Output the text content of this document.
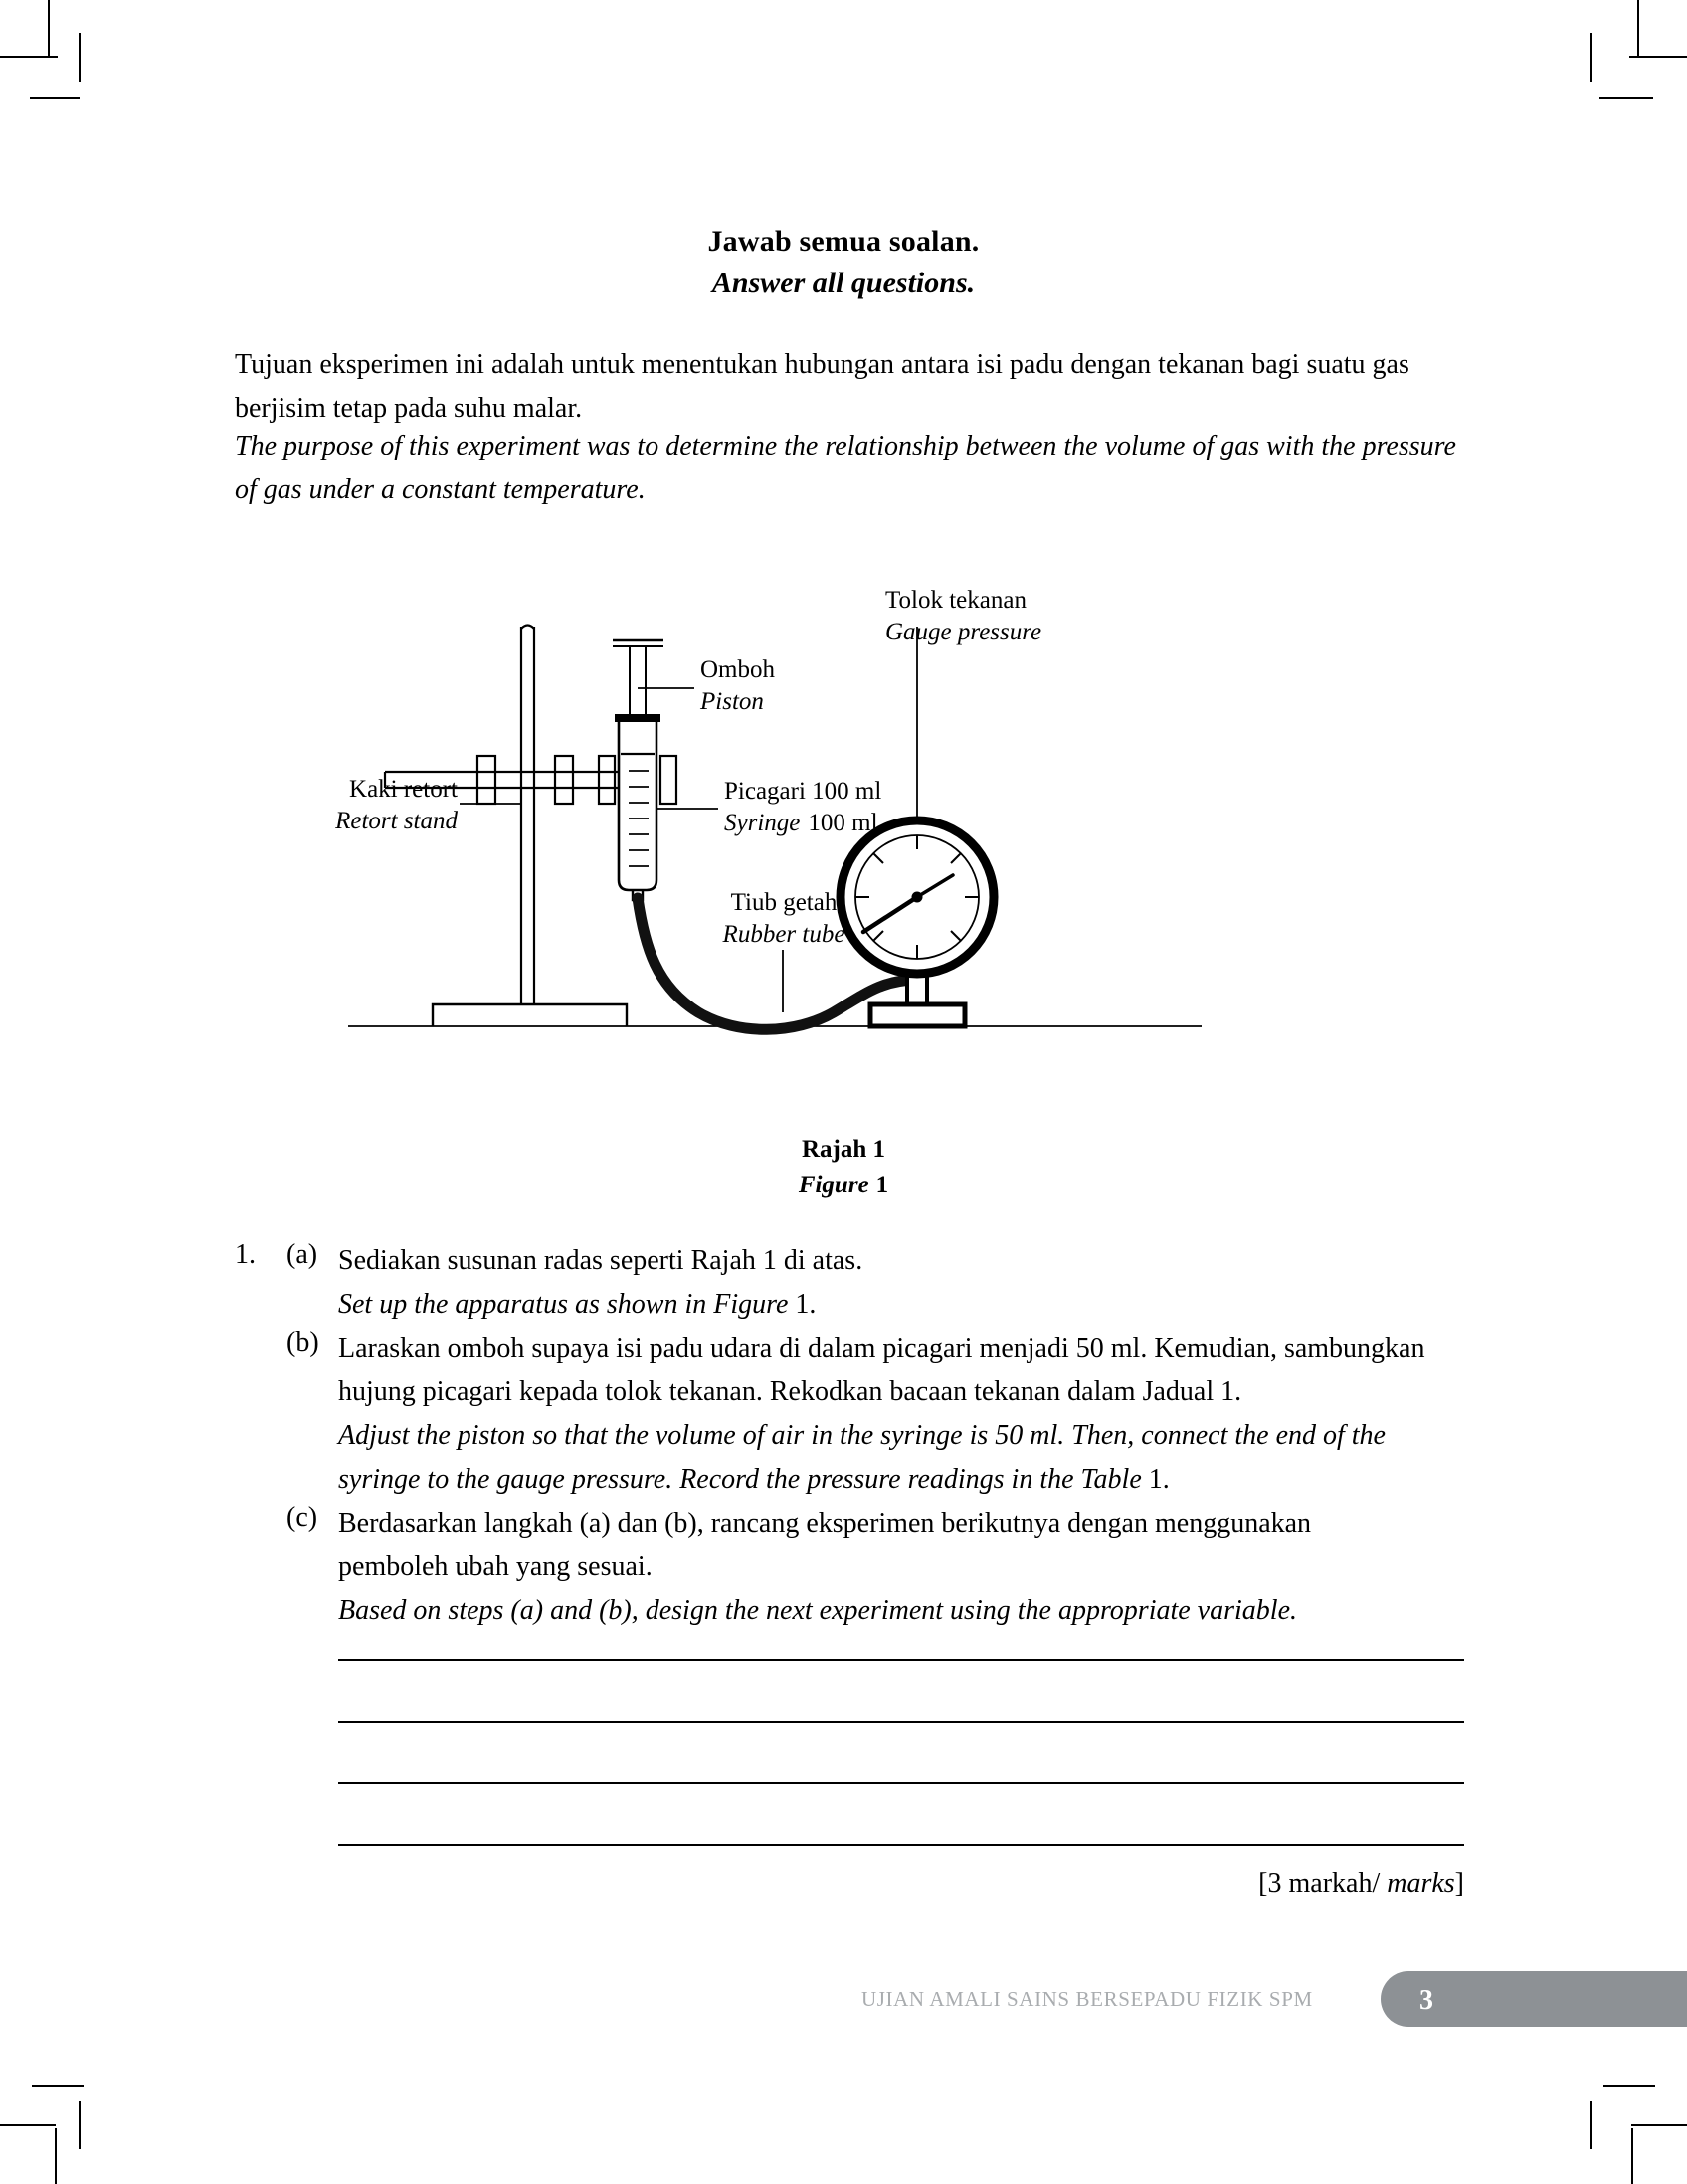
Jawab semua soalan.
Answer all questions.
Tujuan eksperimen ini adalah untuk menentukan hubungan antara isi padu dengan tekanan bagi suatu gas berjisim tetap pada suhu malar.
The purpose of this experiment was to determine the relationship between the volume of gas with the pressure of gas under a constant temperature.
Tolok tekanan
Gauge pressure
Omboh
Piston
Picagari 100 ml
Syringe 100 ml
Kaki retort
Retort stand
Tiub getah
Rubber tube
Rajah 1
Figure 1
1. (a) Sediakan susunan radas seperti Rajah 1 di atas.
Set up the apparatus as shown in Figure 1.
(b) Laraskan omboh supaya isi padu udara di dalam picagari menjadi 50 ml. Kemudian, sambungkan hujung picagari kepada tolok tekanan. Rekodkan bacaan tekanan dalam Jadual 1.
Adjust the piston so that the volume of air in the syringe is 50 ml. Then, connect the end of the syringe to the gauge pressure. Record the pressure readings in the Table 1.
(c) Berdasarkan langkah (a) dan (b), rancang eksperimen berikutnya dengan menggunakan pemboleh ubah yang sesuai.
Based on steps (a) and (b), design the next experiment using the appropriate variable.
[3 markah/ marks]
3
UJIAN AMALI SAINS BERSEPADU FIZIK SPM
